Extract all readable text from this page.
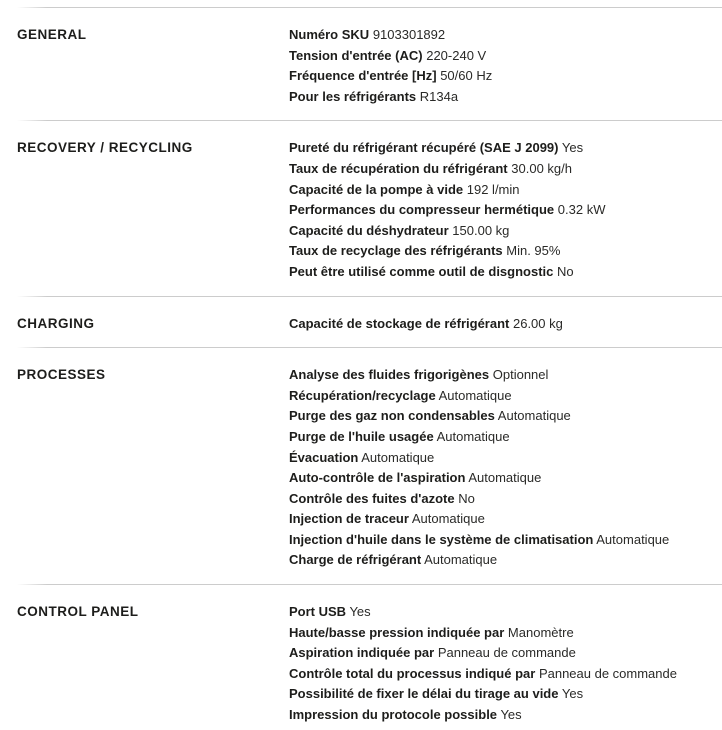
GENERAL	Numéro SKU 9103301892
Tension d'entrée (AC) 220-240 V
Fréquence d'entrée [Hz] 50/60 Hz
Pour les réfrigérants R134a
RECOVERY / RECYCLING	Pureté du réfrigérant récupéré (SAE J 2099) Yes
Taux de récupération du réfrigérant 30.00 kg/h
Capacité de la pompe à vide 192 l/min
Performances du compresseur hermétique 0.32 kW
Capacité du déshydrateur 150.00 kg
Taux de recyclage des réfrigérants Min. 95%
Peut être utilisé comme outil de disgnostic No
CHARGING	Capacité de stockage de réfrigérant 26.00 kg
PROCESSES	Analyse des fluides frigorigènes Optionnel
Récupération/recyclage Automatique
Purge des gaz non condensables Automatique
Purge de l'huile usagée Automatique
Évacuation Automatique
Auto-contrôle de l'aspiration Automatique
Contrôle des fuites d'azote No
Injection de traceur Automatique
Injection d'huile dans le système de climatisation Automatique
Charge de réfrigérant Automatique
CONTROL PANEL	Port USB Yes
Haute/basse pression indiquée par Manomètre
Aspiration indiquée par Panneau de commande
Contrôle total du processus indiqué par Panneau de commande
Possibilité de fixer le délai du tirage au vide Yes
Impression du protocole possible Yes
